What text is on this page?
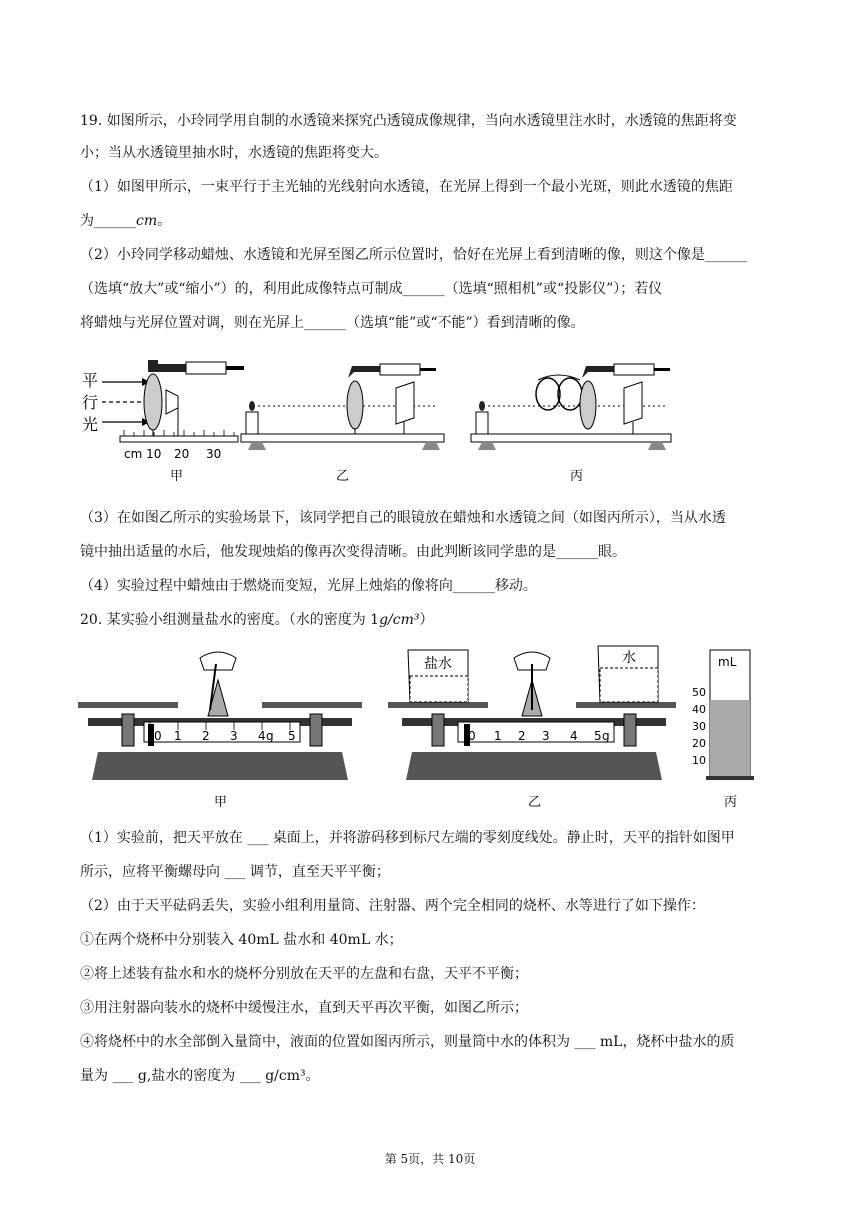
19. 如图所示，小玲同学用自制的水透镜来探究凸透镜成像规律，当向水透镜里注水时，水透镜的焦距将变
小；当从水透镜里抽水时，水透镜的焦距将变大。
（1）如图甲所示，一束平行于主光轴的光线射向水透镜，在光屏上得到一个最小光斑，则此水透镜的焦距
为______cm。
（2）小玲同学移动蜡烛、水透镜和光屏至图乙所示位置时，恰好在光屏上看到清晰的像，则这个像是______
（选填“放大”或“缩小”）的，利用此成像特点可制成______（选填“照相机”或“投影仪”）；若仪
将蜡烛与光屏位置对调，则在光屏上______（选填“能”或“不能”）看到清晰的像。
平
行
光
cm 10 20 30
甲	乙	丙
（3）在如图乙所示的实验场景下，该同学把自己的眼镜放在蜡烛和水透镜之间（如图丙所示），当从水透
镜中抽出适量的水后，他发现烛焰的像再次变得清晰。由此判断该同学患的是______眼。
（4）实验过程中蜡烛由于燃烧而变短，光屏上烛焰的像将向______移动。
20. 某实验小组测量盐水的密度。（水的密度为 1g/cm³）
0 1 2 3 4 g 5
甲
盐水	水
0 1 2 3 4 5 g
乙
mL
50
40
30
20
10
丙
（1）实验前，把天平放在 ___ 桌面上，并将游码移到标尺左端的零刻度线处。静止时，天平的指针如图甲
所示，应将平衡螺母向 ___ 调节，直至天平平衡；
（2）由于天平砝码丢失，实验小组利用量筒、注射器、两个完全相同的烧杯、水等进行了如下操作：
①在两个烧杯中分别装入 40mL 盐水和 40mL 水；
②将上述装有盐水和水的烧杯分别放在天平的左盘和右盘，天平不平衡；
③用注射器向装水的烧杯中缓慢注水，直到天平再次平衡，如图乙所示；
④将烧杯中的水全部倒入量筒中，液面的位置如图丙所示，则量筒中水的体积为 ___ mL，烧杯中盐水的质
量为 ___ g,盐水的密度为 ___ g/cm³。
第 5页，共 10页
